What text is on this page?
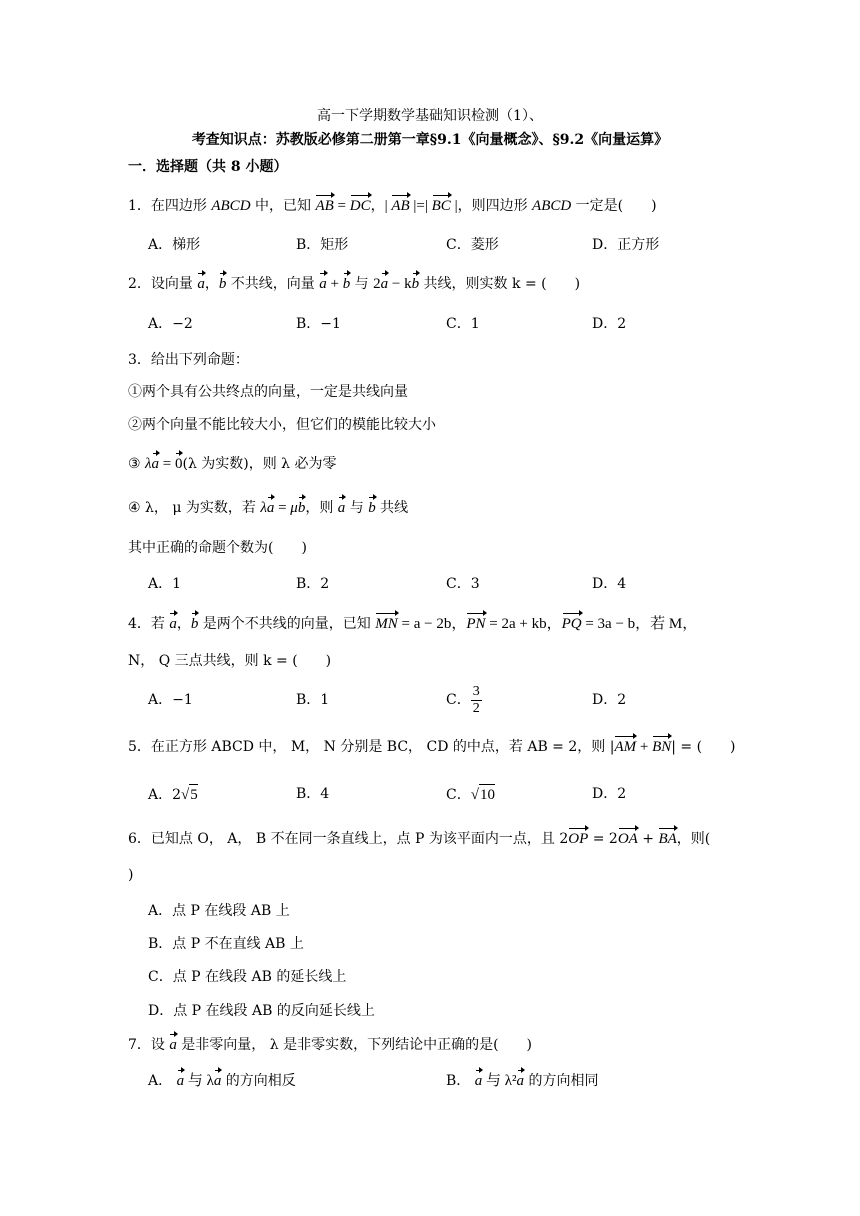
高一下学期数学基础知识检测（1）、
考查知识点：苏教版必修第二册第一章§9.1《向量概念》、§9.2《向量运算》
一．选择题（共 8 小题）
1．在四边形 ABCD 中，已知 AB = DC，| AB |=| BC |，则四边形 ABCD 一定是(　　)
A．梯形	B．矩形	C．菱形	D．正方形
2．设向量 a，b 不共线，向量 a + b 与 2a − kb 共线，则实数 k = (　　)
A．−2	B．−1	C．1	D．2
3．给出下列命题：
①两个具有公共终点的向量，一定是共线向量
②两个向量不能比较大小，但它们的模能比较大小
③ λa = 0(λ 为实数)，则 λ 必为零
④ λ， μ 为实数，若 λa = μb，则 a 与 b 共线
其中正确的命题个数为(　　)
A．1	B．2	C．3	D．4
4．若 a，b 是两个不共线的向量，已知 MN = a − 2b，PN = 2a + kb，PQ = 3a − b，若 M，
N， Q 三点共线，则 k = (　　)
A．−1	B．1	C． $\frac{3}{2}$	D．2
5．在正方形 ABCD 中， M， N 分别是 BC， CD 的中点，若 AB = 2，则 |AM + BN| = (　　)
A．2√5	B．4	C．√10	D．2
6．已知点 O， A， B 不在同一条直线上，点 P 为该平面内一点，且 2OP = 2OA + BA，则(
)
A．点 P 在线段 AB 上
B．点 P 不在直线 AB 上
C．点 P 在线段 AB 的延长线上
D．点 P 在线段 AB 的反向延长线上
7．设 a 是非零向量， λ 是非零实数，下列结论中正确的是(　　)
A． a 与 λa 的方向相反	B． a 与 λ²a 的方向相同
